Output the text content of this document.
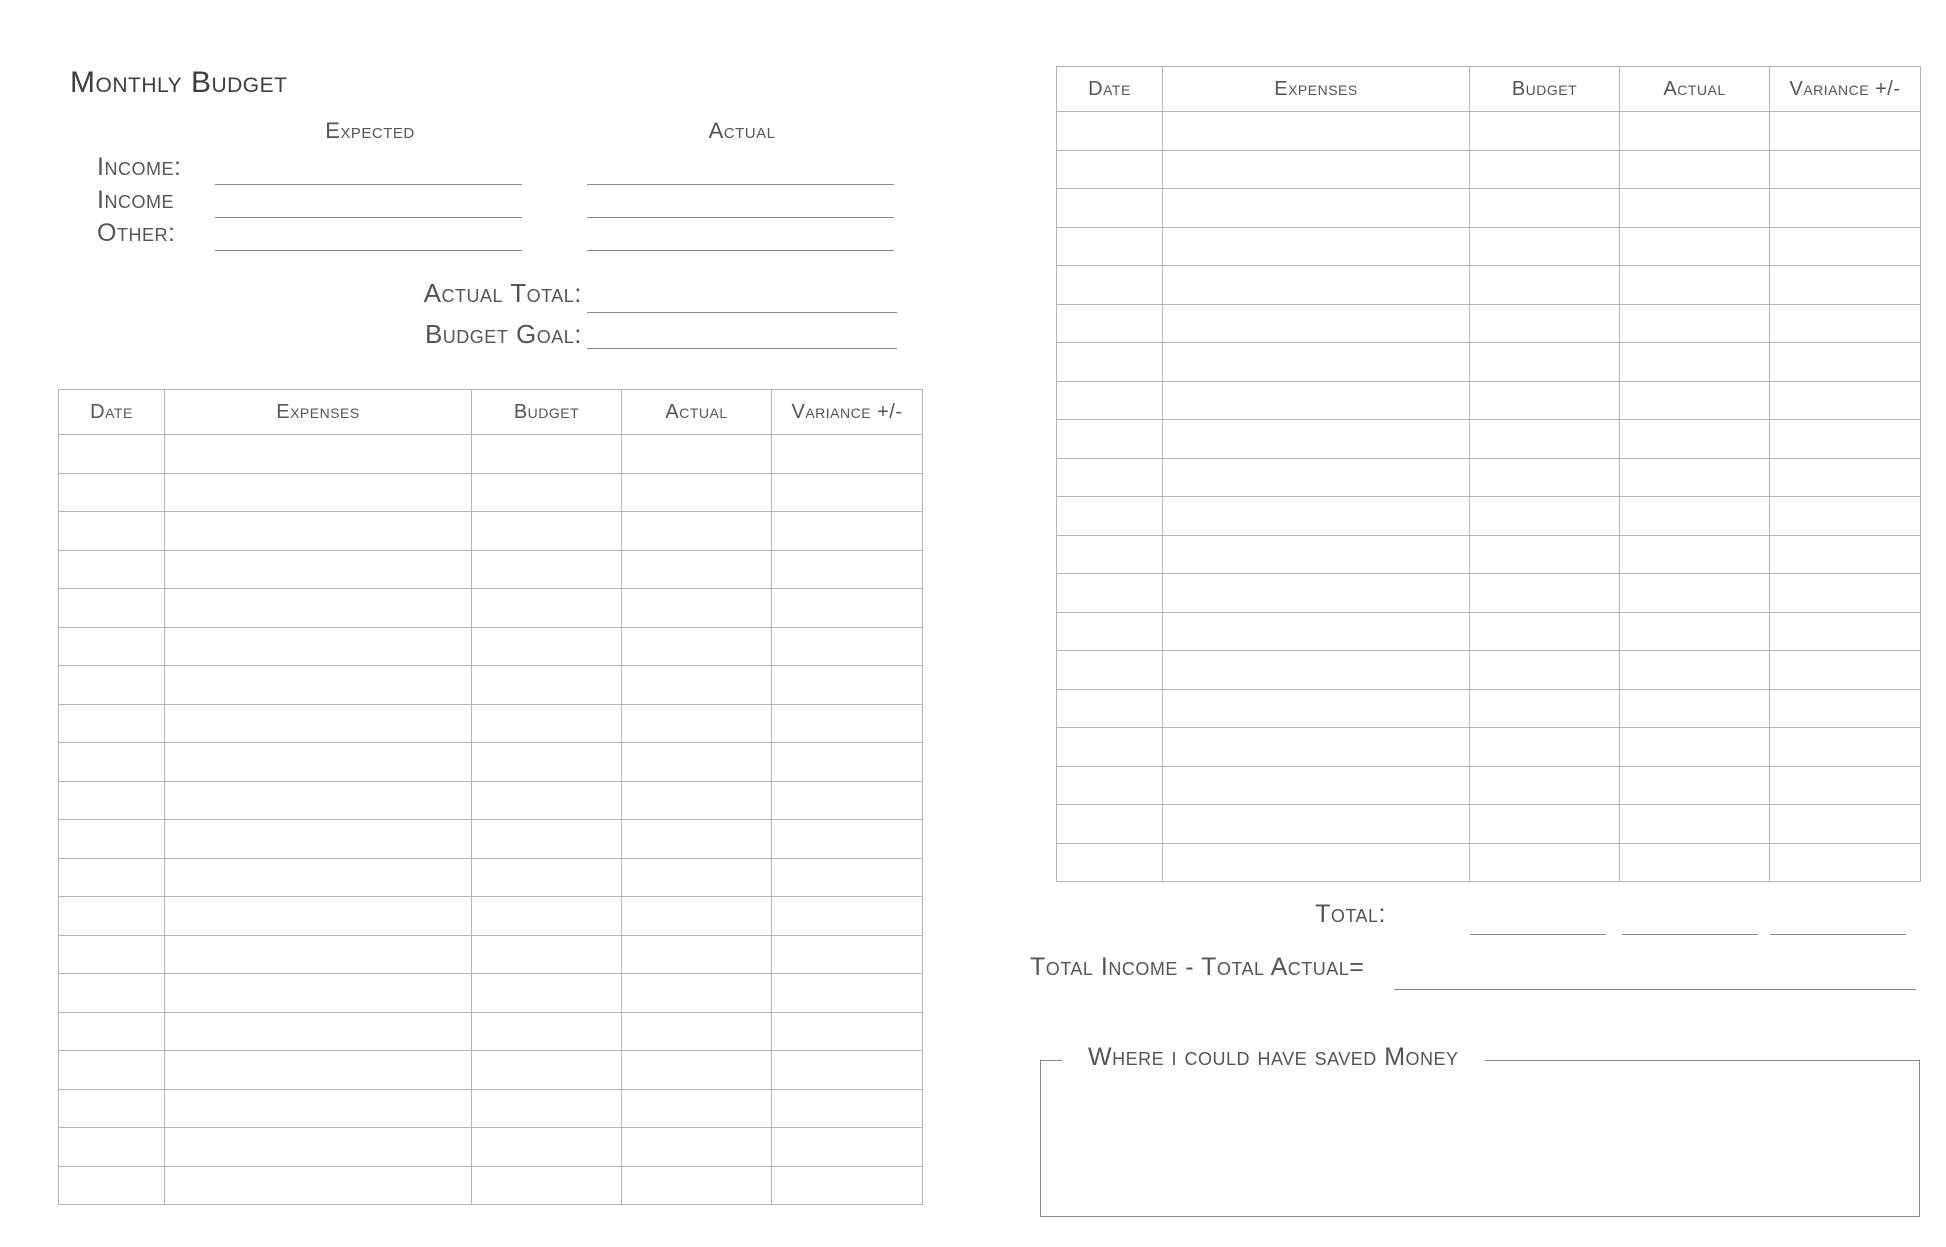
Monthly Budget
Expected	Actual
Income:
Income
Other:
Actual Total:
Budget Goal:
Date	Expenses	Budget	Actual	Variance +/-

Date	Expenses	Budget	Actual	Variance +/-

Total:
Total Income - Total Actual=
Where i could have saved Money
